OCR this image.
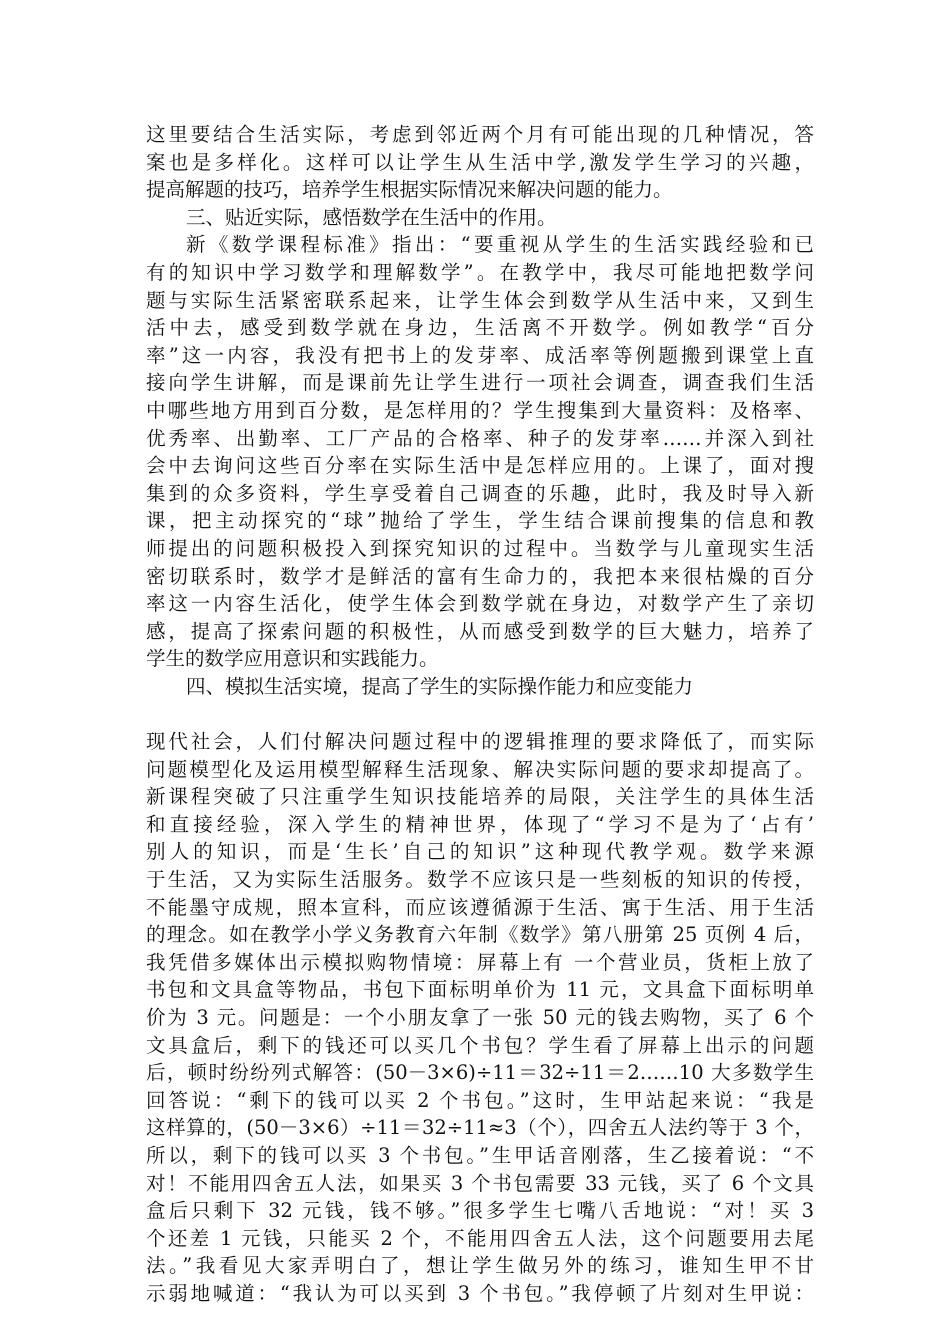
这里要结合生活实际，考虑到邻近两个月有可能出现的几种情况，答
案也是多样化。这样可以让学生从生活中学,激发学生学习的兴趣，
提高解题的技巧，培养学生根据实际情况来解决问题的能力。
三、贴近实际，感悟数学在生活中的作用。
新《数学课程标准》指出：“要重视从学生的生活实践经验和已
有的知识中学习数学和理解数学”。在教学中，我尽可能地把数学问
题与实际生活紧密联系起来，让学生体会到数学从生活中来，又到生
活中去，感受到数学就在身边，生活离不开数学。例如教学“百分
率”这一内容，我没有把书上的发芽率、成活率等例题搬到课堂上直
接向学生讲解，而是课前先让学生进行一项社会调查，调查我们生活
中哪些地方用到百分数，是怎样用的？学生搜集到大量资料：及格率、
优秀率、出勤率、工厂产品的合格率、种子的发芽率……并深入到社
会中去询问这些百分率在实际生活中是怎样应用的。上课了，面对搜
集到的众多资料，学生享受着自己调查的乐趣，此时，我及时导入新
课，把主动探究的“球”抛给了学生，学生结合课前搜集的信息和教
师提出的问题积极投入到探究知识的过程中。当数学与儿童现实生活
密切联系时，数学才是鲜活的富有生命力的，我把本来很枯燥的百分
率这一内容生活化，使学生体会到数学就在身边，对数学产生了亲切
感，提高了探索问题的积极性，从而感受到数学的巨大魅力，培养了
学生的数学应用意识和实践能力。
四、模拟生活实境，提高了学生的实际操作能力和应变能力
现代社会，人们付解决问题过程中的逻辑推理的要求降低了，而实际
问题模型化及运用模型解释生活现象、解决实际问题的要求却提高了。
新课程突破了只注重学生知识技能培养的局限，关注学生的具体生活
和直接经验，深入学生的精神世界，体现了“学习不是为了‘占有’
别人的知识，而是‘生长’自己的知识”这种现代教学观。数学来源
于生活，又为实际生活服务。数学不应该只是一些刻板的知识的传授，
不能墨守成规，照本宣科，而应该遵循源于生活、寓于生活、用于生活
的理念。如在教学小学义务教育六年制《数学》第八册第 25 页例 4 后，
我凭借多媒体出示模拟购物情境：屏幕上有 一个营业员，货柜上放了
书包和文具盒等物品，书包下面标明单价为 11 元，文具盒下面标明单
价为 3 元。问题是：一个小朋友拿了一张 50 元的钱去购物，买了 6 个
文具盒后，剩下的钱还可以买几个书包？学生看了屏幕上出示的问题
后，顿时纷纷列式解答：(50－3×6)÷11＝32÷11＝2……10 大多数学生
回答说：“剩下的钱可以买 2 个书包。”这时，生甲站起来说：“我是
这样算的，(50－3×6）÷11＝32÷11≈3（个），四舍五人法约等于 3 个，
所以，剩下的钱可以买 3 个书包。”生甲话音刚落，生乙接着说：“不
对！不能用四舍五人法，如果买 3 个书包需要 33 元钱，买了 6 个文具
盒后只剩下 32 元钱，钱不够。”很多学生七嘴八舌地说：“对！买 3
个还差 1 元钱，只能买 2 个，不能用四舍五人法，这个问题要用去尾
法。”我看见大家弄明白了，想让学生做另外的练习，谁知生甲不甘
示弱地喊道：“我认为可以买到 3 个书包。”我停顿了片刻对生甲说：
